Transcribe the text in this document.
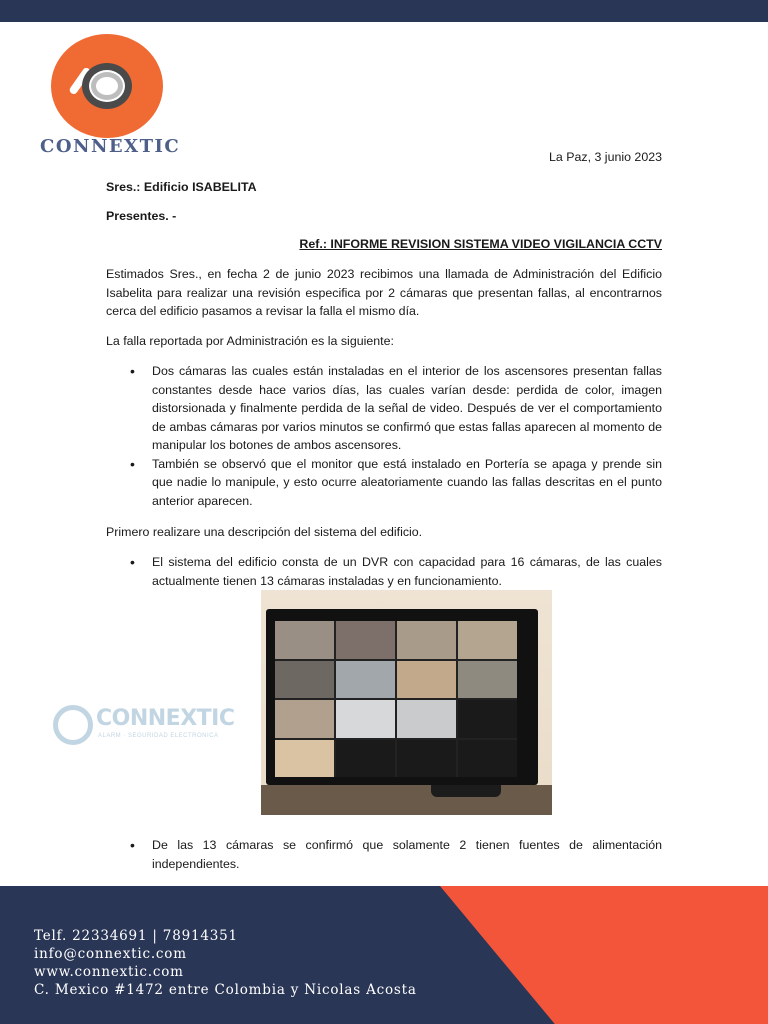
CONNEXTIC	La Paz, 3 junio 2023
Sres.: Edificio ISABELITA
Presentes. -
Ref.: INFORME REVISION SISTEMA VIDEO VIGILANCIA CCTV
Estimados Sres., en fecha 2 de junio 2023 recibimos una llamada de Administración del Edificio Isabelita para realizar una revisión especifica por 2 cámaras que presentan fallas, al encontrarnos cerca del edificio pasamos a revisar la falla el mismo día.
La falla reportada por Administración es la siguiente:
• Dos cámaras las cuales están instaladas en el interior de los ascensores presentan fallas constantes desde hace varios días, las cuales varían desde: perdida de color, imagen distorsionada y finalmente perdida de la señal de video. Después de ver el comportamiento de ambas cámaras por varios minutos se confirmó que estas fallas aparecen al momento de manipular los botones de ambos ascensores.
• También se observó que el monitor que está instalado en Portería se apaga y prende sin que nadie lo manipule, y esto ocurre aleatoriamente cuando las fallas descritas en el punto anterior aparecen.
Primero realizare una descripción del sistema del edificio.
• El sistema del edificio consta de un DVR con capacidad para 16 cámaras, de las cuales actualmente tienen 13 cámaras instaladas y en funcionamiento.
CONNEXTIC
ALARM · SEGURIDAD ELECTRONICA
• De las 13 cámaras se confirmó que solamente 2 tienen fuentes de alimentación independientes.
Telf. 22334691 | 78914351
info@connextic.com
www.connextic.com
C. Mexico #1472 entre Colombia y Nicolas Acosta
